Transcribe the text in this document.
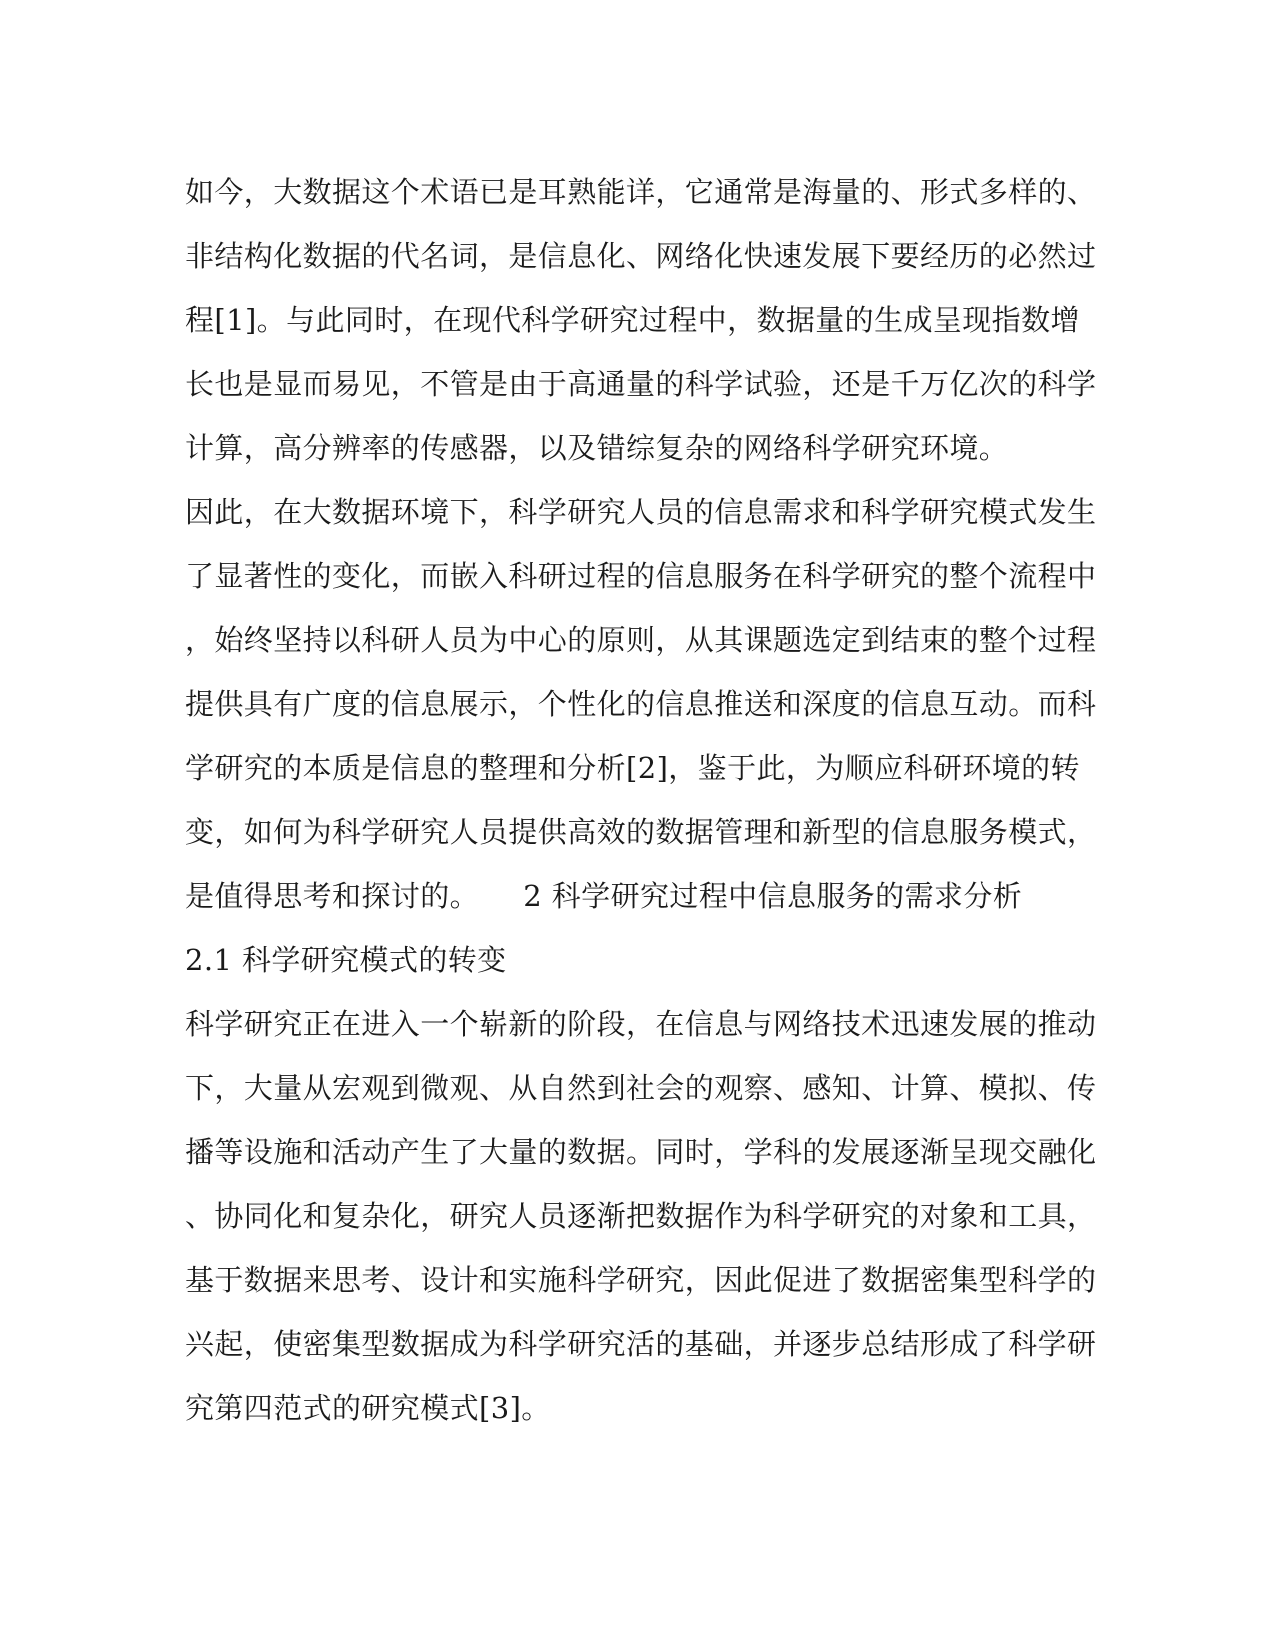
如今，大数据这个术语已是耳熟能详，它通常是海量的、形式多样的、

非结构化数据的代名词，是信息化、网络化快速发展下要经历的必然过

程[1]。与此同时，在现代科学研究过程中，数据量的生成呈现指数增

长也是显而易见，不管是由于高通量的科学试验，还是千万亿次的科学

计算，高分辨率的传感器，以及错综复杂的网络科学研究环境。

因此，在大数据环境下，科学研究人员的信息需求和科学研究模式发生

了显著性的变化，而嵌入科研过程的信息服务在科学研究的整个流程中

，始终坚持以科研人员为中心的原则，从其课题选定到结束的整个过程

提供具有广度的信息展示，个性化的信息推送和深度的信息互动。而科

学研究的本质是信息的整理和分析[2]，鉴于此，为顺应科研环境的转

变，如何为科学研究人员提供高效的数据管理和新型的信息服务模式，

是值得思考和探讨的。　　2 科学研究过程中信息服务的需求分析

2.1 科学研究模式的转变

科学研究正在进入一个崭新的阶段，在信息与网络技术迅速发展的推动

下，大量从宏观到微观、从自然到社会的观察、感知、计算、模拟、传

播等设施和活动产生了大量的数据。同时，学科的发展逐渐呈现交融化

、协同化和复杂化，研究人员逐渐把数据作为科学研究的对象和工具，

基于数据来思考、设计和实施科学研究，因此促进了数据密集型科学的

兴起，使密集型数据成为科学研究活的基础，并逐步总结形成了科学研

究第四范式的研究模式[3]。
